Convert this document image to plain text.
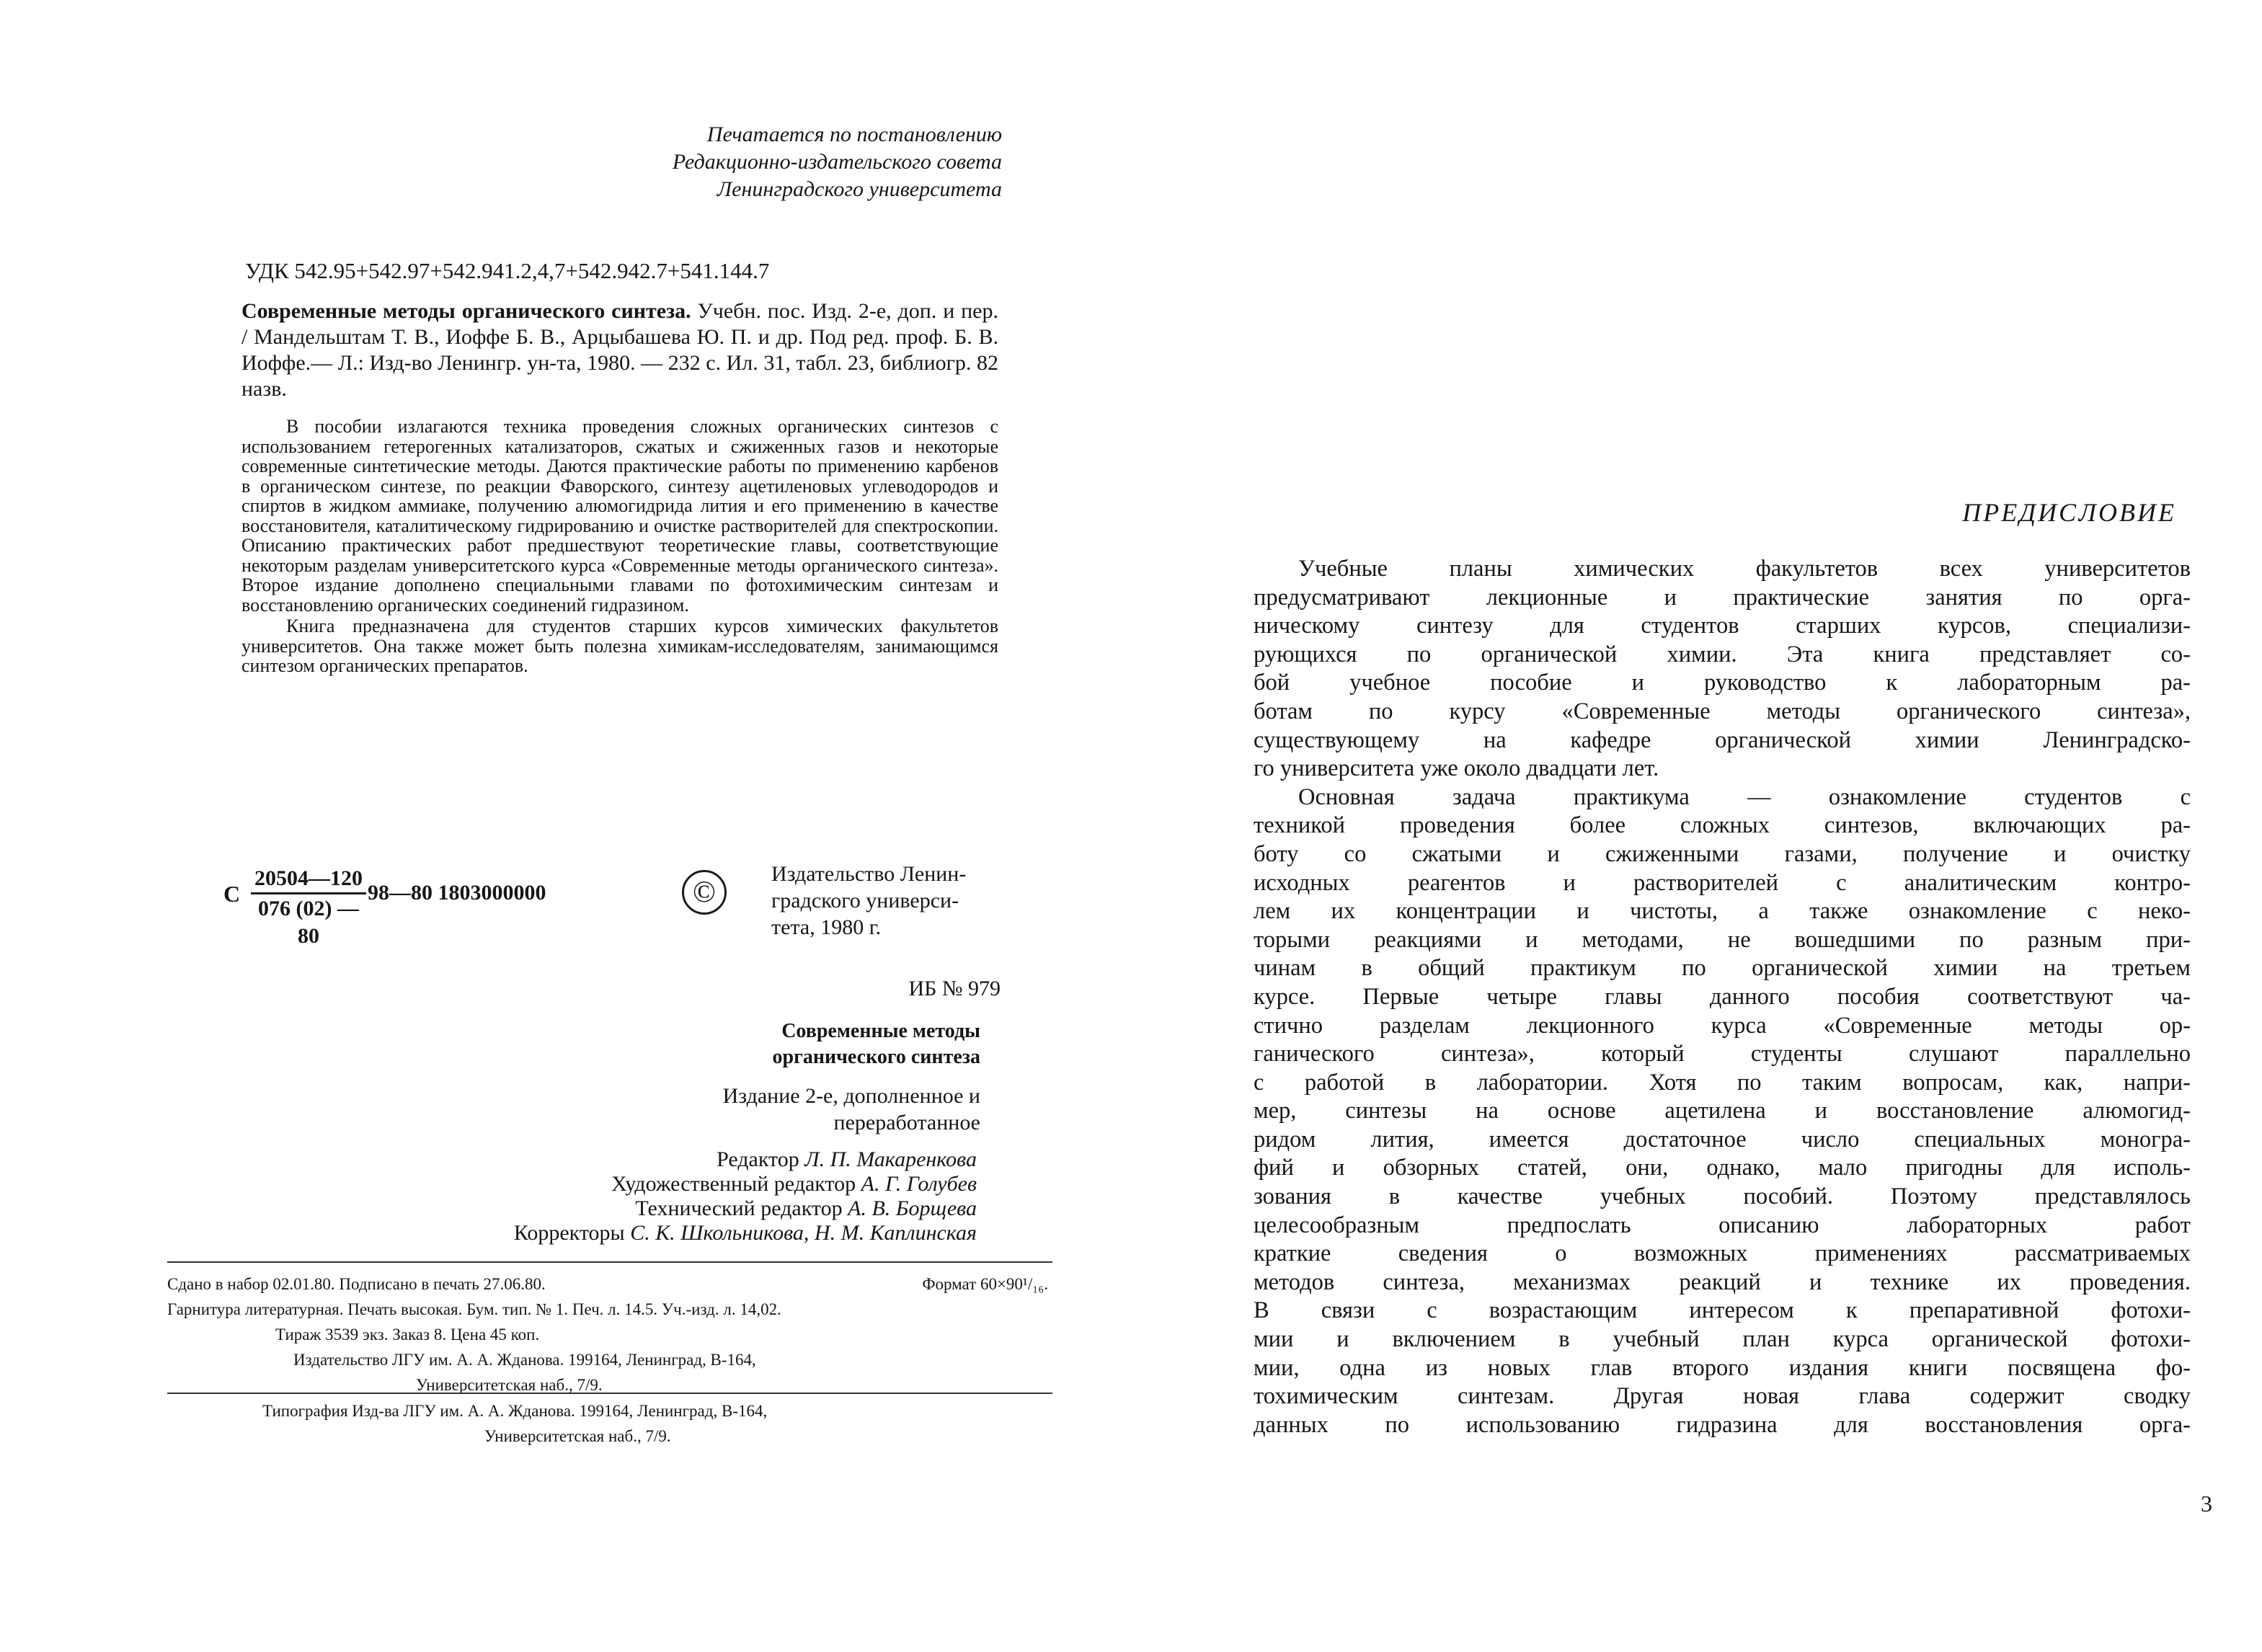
Печатается по постановлению
Редакционно-издательского совета
Ленинградского университета
УДК 542.95+542.97+542.941.2,4,7+542.942.7+541.144.7
Современные методы органического синтеза. Учебн. пос. Изд. 2-е, доп. и пер. / Мандельштам Т. В., Иоффе Б. В., Арцыбашева Ю. П. и др. Под ред. проф. Б. В. Иоффе.— Л.: Изд-во Ленингр. ун-та, 1980. — 232 с. Ил. 31, табл. 23, библиогр. 82 назв.

В пособии излагаются техника проведения сложных органических синтезов с использованием гетерогенных катализаторов, сжатых и сжиженных газов и некоторые современные синтетические методы. Даются практические работы по применению карбенов в органическом синтезе, по реакции Фаворского, синтезу ацетиленовых углеводородов и спиртов в жидком аммиаке, получению алюмогидрида лития и его применению в качестве восстановителя, каталитическому гидрированию и очистке растворителей для спектроскопии. Описанию практических работ предшествуют теоретические главы, соответствующие некоторым разделам университетского курса «Современные методы органического синтеза». Второе издание дополнено специальными главами по фотохимическим синтезам и восстановлению органических соединений гидразином.

Книга предназначена для студентов старших курсов химических факультетов университетов. Она также может быть полезна химикам-исследователям, занимающимся синтезом органических препаратов.

С
20504—120
076 (02) — 80
98—80 1803000000	©
Издательство Ленин-
градского универси-
тета, 1980 г.
ИБ № 979
Современные методы
органического синтеза
Издание 2-е, дополненное и
переработанное
Редактор Л. П. Макаренкова
Художественный редактор А. Г. Голубев
Технический редактор А. В. Борщева
Корректоры С. К. Школьникова, Н. М. Каплинская
Сдано в набор 02.01.80. Подписано в печать 27.06.80.	Формат 60×90¹/₁₆.
Гарнитура литературная. Печать высокая. Бум. тип. № 1. Печ. л. 14.5. Уч.-изд. л. 14,02.
Тираж 3539 экз. Заказ 8. Цена 45 коп.
Издательство ЛГУ им. А. А. Жданова. 199164, Ленинград, В-164,
Университетская наб., 7/9.
Типография Изд-ва ЛГУ им. А. А. Жданова. 199164, Ленинград, В-164,
Университетская наб., 7/9.
ПРЕДИСЛОВИЕ

Учебные планы химических факультетов всех университетов
предусматривают лекционные и практические занятия по орга-
ническому синтезу для студентов старших курсов, специализи-
рующихся по органической химии. Эта книга представляет со-
бой учебное пособие и руководство к лабораторным ра-
ботам по курсу «Современные методы органического синтеза»,
существующему на кафедре органической химии Ленинградско-
го университета уже около двадцати лет.

Основная задача практикума — ознакомление студентов с
техникой проведения более сложных синтезов, включающих ра-
боту со сжатыми и сжиженными газами, получение и очистку
исходных реагентов и растворителей с аналитическим контро-
лем их концентрации и чистоты, а также ознакомление с неко-
торыми реакциями и методами, не вошедшими по разным при-
чинам в общий практикум по органической химии на третьем
курсе. Первые четыре главы данного пособия соответствуют ча-
стично разделам лекционного курса «Современные методы ор-
ганического синтеза», который студенты слушают параллельно
с работой в лаборатории. Хотя по таким вопросам, как, напри-
мер, синтезы на основе ацетилена и восстановление алюмогид-
ридом лития, имеется достаточное число специальных моногра-
фий и обзорных статей, они, однако, мало пригодны для исполь-
зования в качестве учебных пособий. Поэтому представлялось
целесообразным предпослать описанию лабораторных работ
краткие сведения о возможных применениях рассматриваемых
методов синтеза, механизмах реакций и технике их проведения.
В связи с возрастающим интересом к препаративной фотохи-
мии и включением в учебный план курса органической фотохи-
мии, одна из новых глав второго издания книги посвящена фо-
тохимическим синтезам. Другая новая глава содержит сводку
данных по использованию гидразина для восстановления орга-

3
